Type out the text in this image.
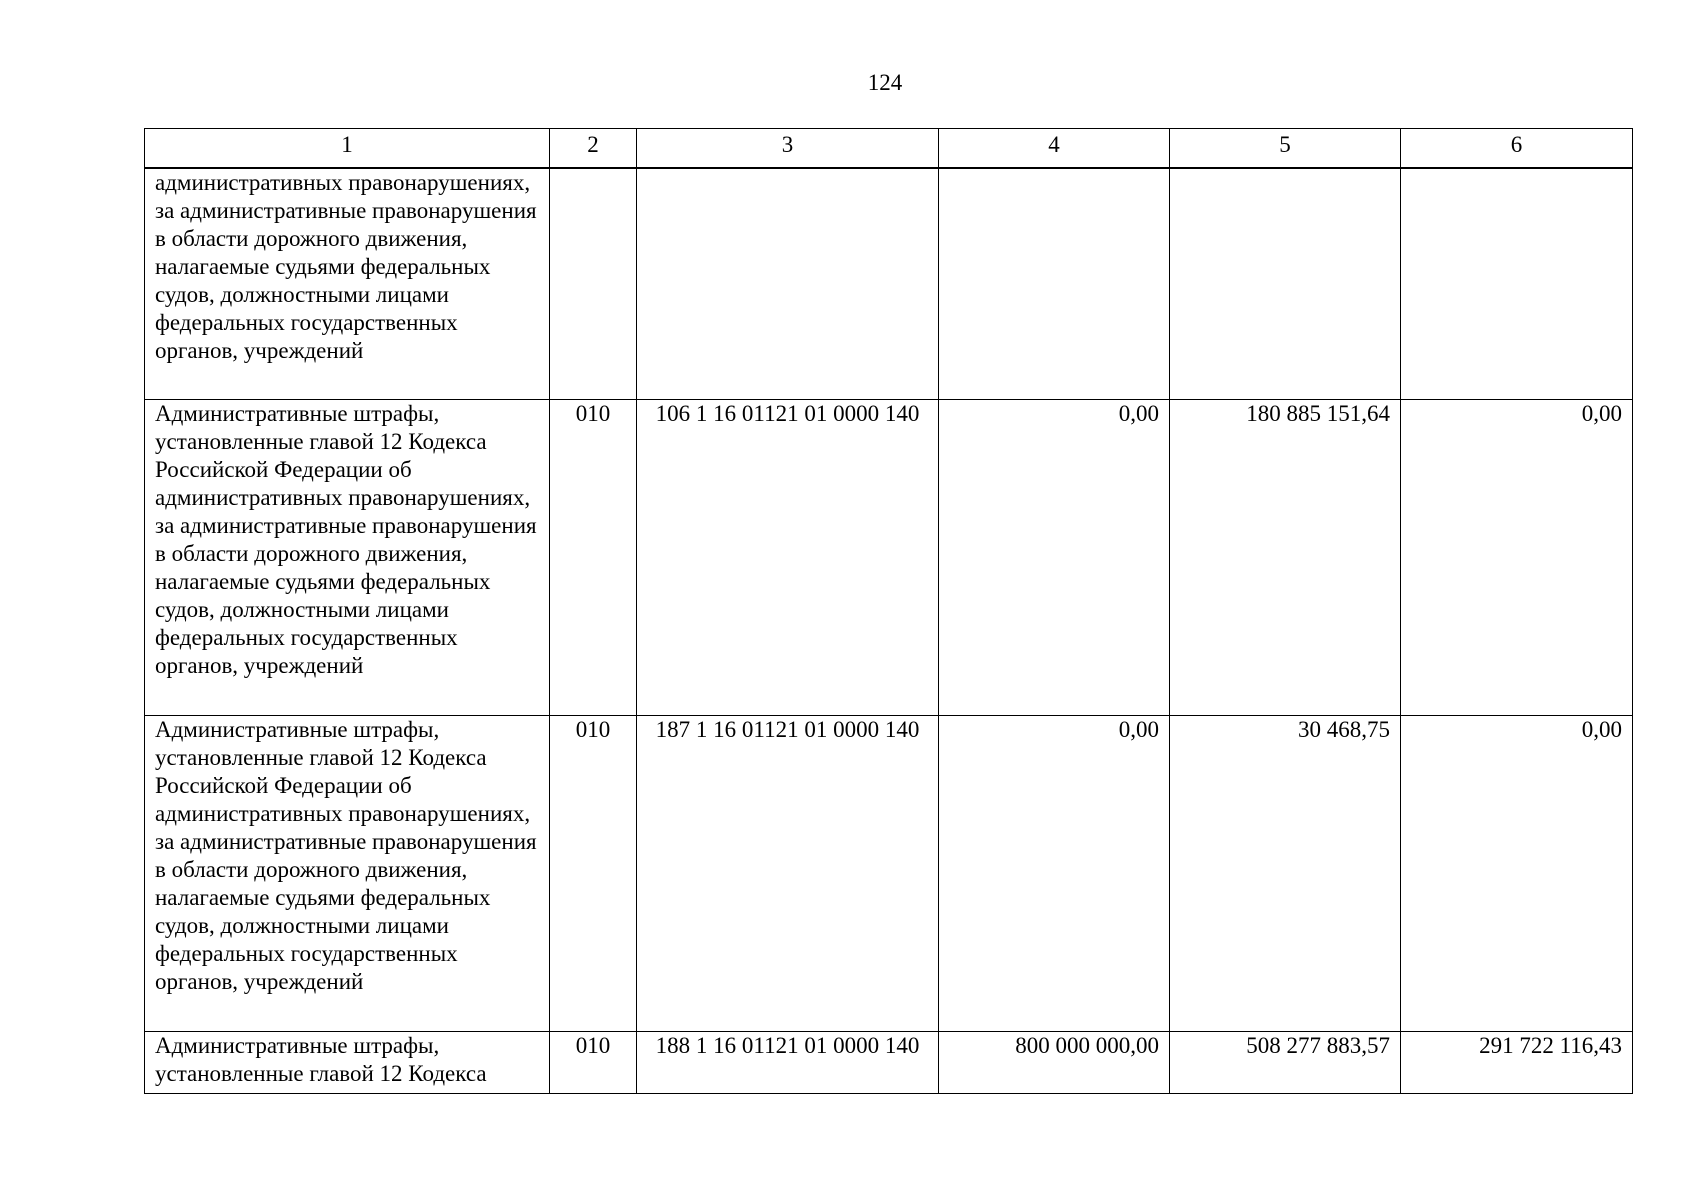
124
1	2	3	4	5	6
административных правонарушениях, за административные правонарушения в области дорожного движения, налагаемые судьями федеральных судов, должностными лицами федеральных государственных органов, учреждений					
Административные штрафы, установленные главой 12 Кодекса Российской Федерации об административных правонарушениях, за административные правонарушения в области дорожного движения, налагаемые судьями федеральных судов, должностными лицами федеральных государственных органов, учреждений	010	106 1 16 01121 01 0000 140	0,00	180 885 151,64	0,00
Административные штрафы, установленные главой 12 Кодекса Российской Федерации об административных правонарушениях, за административные правонарушения в области дорожного движения, налагаемые судьями федеральных судов, должностными лицами федеральных государственных органов, учреждений	010	187 1 16 01121 01 0000 140	0,00	30 468,75	0,00
Административные штрафы, установленные главой 12 Кодекса	010	188 1 16 01121 01 0000 140	800 000 000,00	508 277 883,57	291 722 116,43
